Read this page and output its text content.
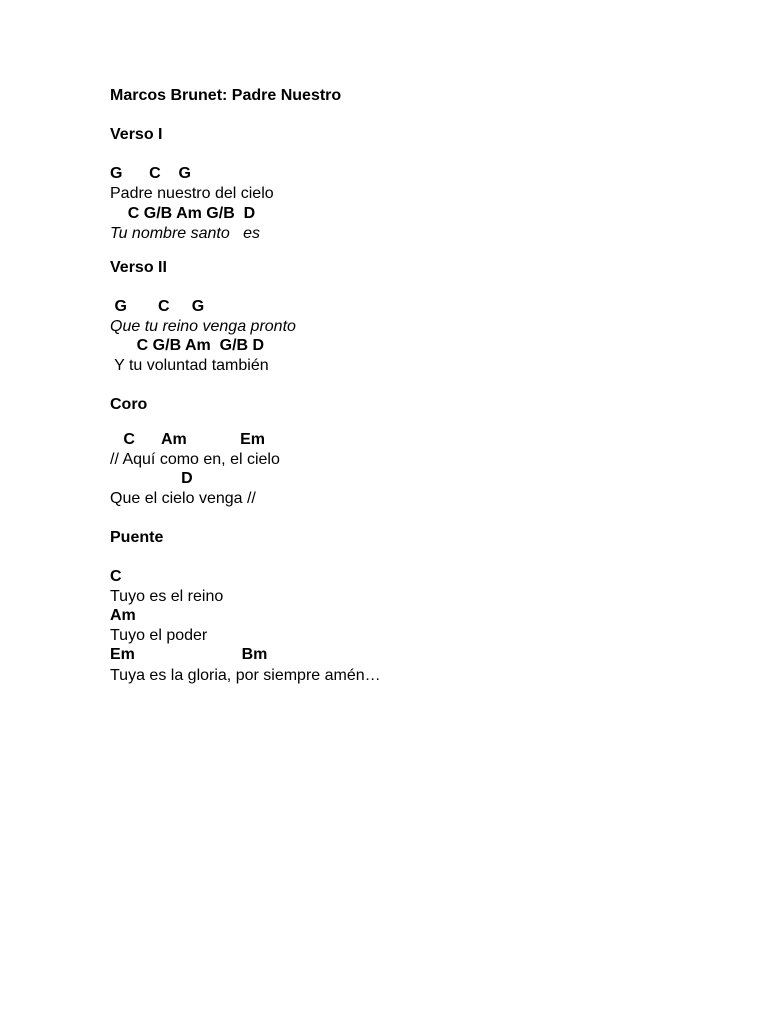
Marcos Brunet: Padre Nuestro
Verso I
G      C    G
Padre nuestro del cielo
C G/B Am G/B  D
Tu nombre santo   es
Verso II
G       C     G
Que tu reino venga pronto
C G/B Am  G/B D
Y tu voluntad también
Coro
C      Am            Em
// Aquí como en, el cielo
D
Que el cielo venga //
Puente
C
Tuyo es el reino
Am
Tuyo el poder
Em                        Bm
Tuya es la gloria, por siempre amén…
